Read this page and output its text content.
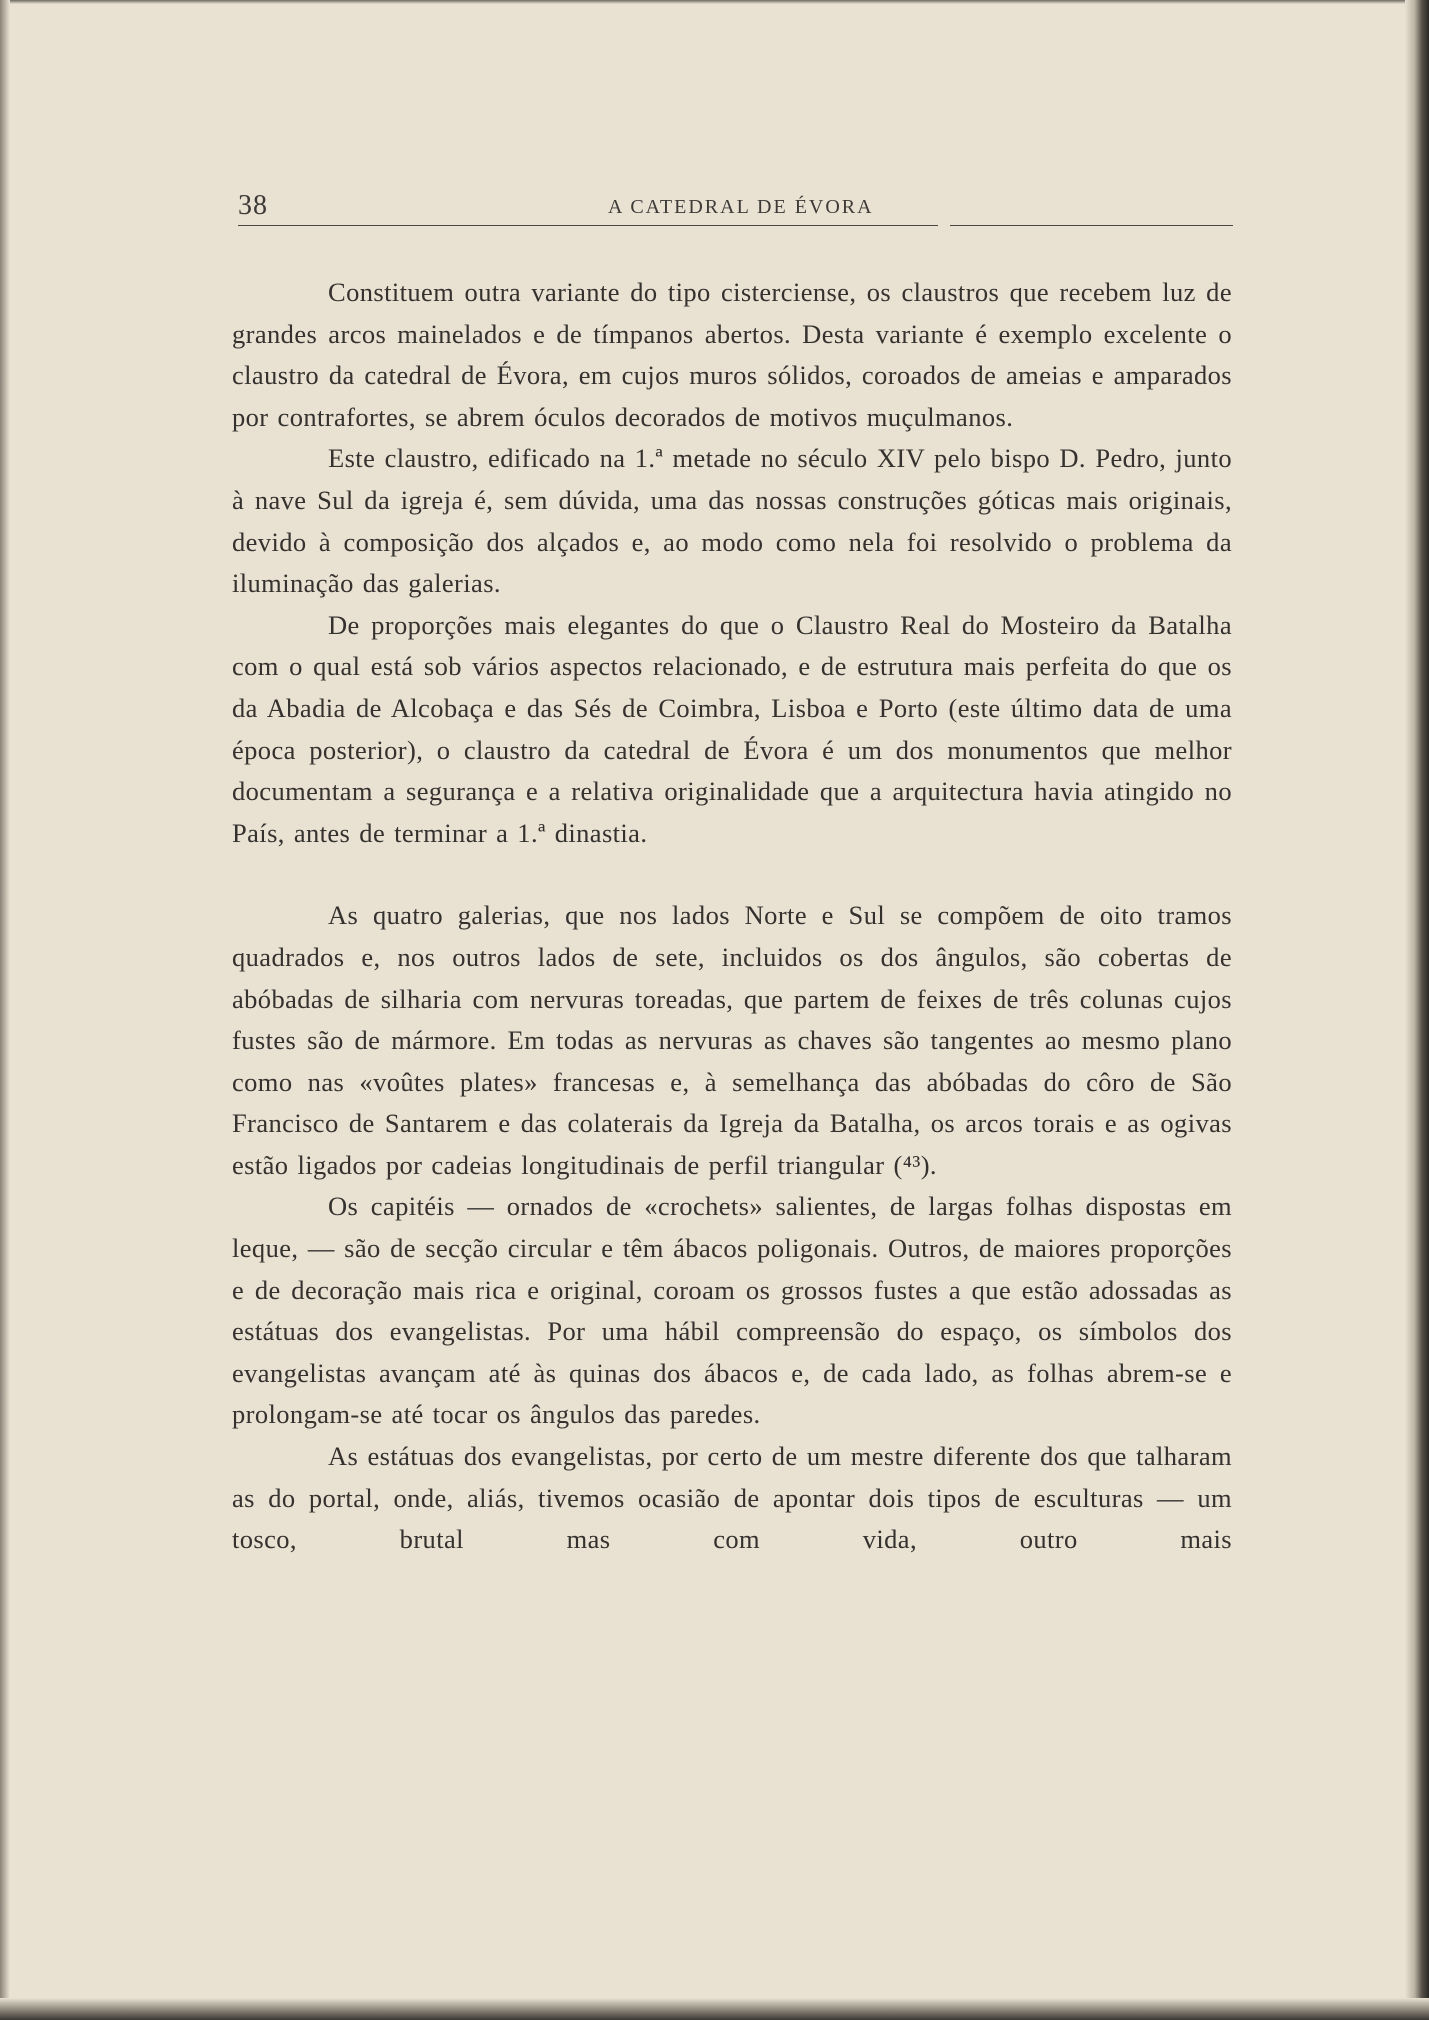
38	A CATEDRAL DE ÉVORA

Constituem outra variante do tipo cisterciense, os claustros que recebem luz de grandes arcos mainelados e de tímpanos abertos. Desta variante é exemplo excelente o claustro da catedral de Évora, em cujos muros sólidos, coroados de ameias e amparados por contrafortes, se abrem óculos decorados de motivos muçulmanos.

Este claustro, edificado na 1.ª metade no século XIV pelo bispo D. Pedro, junto à nave Sul da igreja é, sem dúvida, uma das nossas construções góticas mais originais, devido à composição dos alçados e, ao modo como nela foi resolvido o problema da iluminação das galerias.

De proporções mais elegantes do que o Claustro Real do Mosteiro da Batalha com o qual está sob vários aspectos relacionado, e de estrutura mais perfeita do que os da Abadia de Alcobaça e das Sés de Coimbra, Lisboa e Porto (este último data de uma época posterior), o claustro da catedral de Évora é um dos monumentos que melhor documentam a segurança e a relativa originalidade que a arquitectura havia atingido no País, antes de terminar a 1.ª dinastia.

As quatro galerias, que nos lados Norte e Sul se compõem de oito tramos quadrados e, nos outros lados de sete, incluidos os dos ângulos, são cobertas de abóbadas de silharia com nervuras toreadas, que partem de feixes de três colunas cujos fustes são de mármore. Em todas as nervuras as chaves são tangentes ao mesmo plano como nas «voûtes plates» francesas e, à semelhança das abóbadas do côro de São Francisco de Santarem e das colaterais da Igreja da Batalha, os arcos torais e as ogivas estão ligados por cadeias longitudinais de perfil triangular (⁴³).

Os capitéis — ornados de «crochets» salientes, de largas folhas dispostas em leque, — são de secção circular e têm ábacos poligonais. Outros, de maiores proporções e de decoração mais rica e original, coroam os grossos fustes a que estão adossadas as estátuas dos evangelistas. Por uma hábil compreensão do espaço, os símbolos dos evangelistas avançam até às quinas dos ábacos e, de cada lado, as folhas abrem-se e prolongam-se até tocar os ângulos das paredes.

As estátuas dos evangelistas, por certo de um mestre diferente dos que talharam as do portal, onde, aliás, tivemos ocasião de apontar dois tipos de esculturas — um tosco, brutal mas com vida, outro mais
